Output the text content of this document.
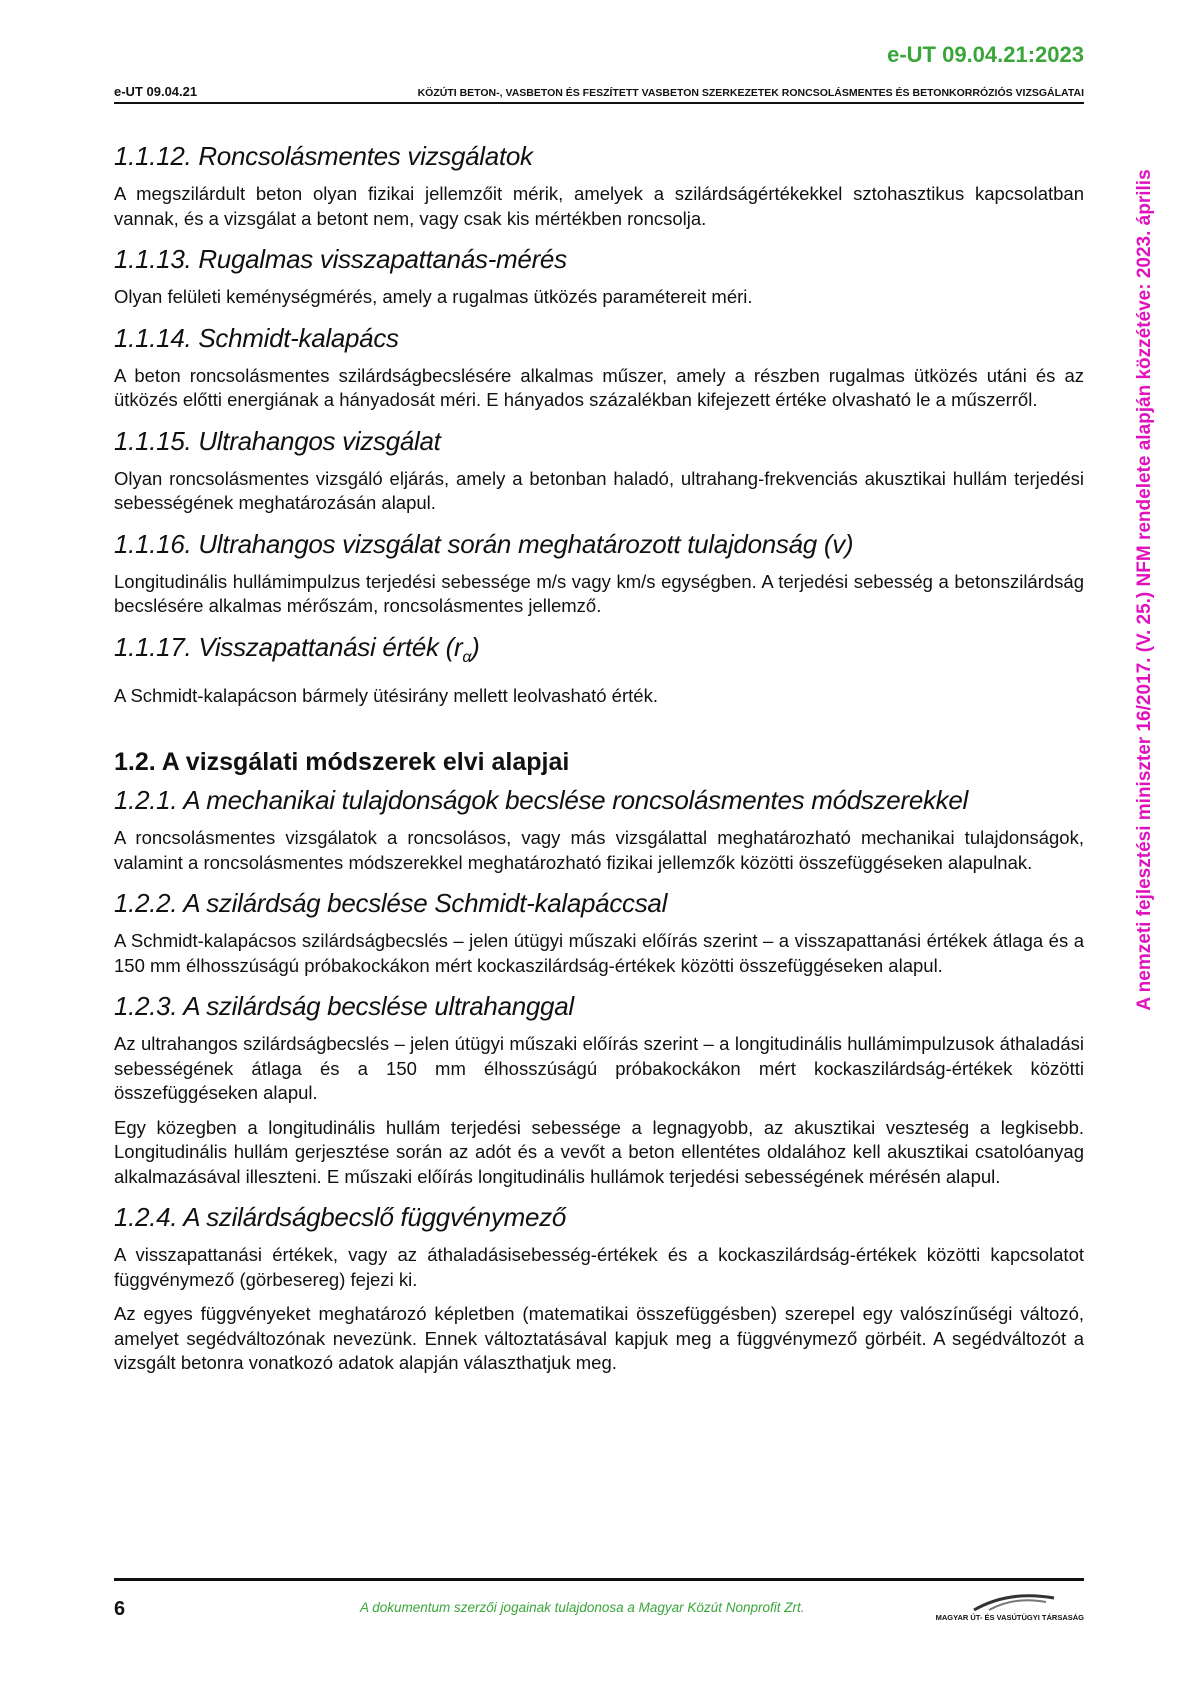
e-UT 09.04.21:2023
e-UT 09.04.21	KÖZÚTI BETON-, VASBETON ÉS FESZÍTETT VASBETON SZERKEZETEK RONCSOLÁSMENTES ÉS BETONKORRÓZIÓS VIZSGÁLATAI
A nemzeti fejlesztési miniszter 16/2017. (V. 25.) NFM rendelete alapján közzétéve: 2023. április
1.1.12. Roncsolásmentes vizsgálatok

A megszilárdult beton olyan fizikai jellemzőit mérik, amelyek a szilárdságértékekkel sztohasztikus kapcsolatban vannak, és a vizsgálat a betont nem, vagy csak kis mértékben roncsolja.

1.1.13. Rugalmas visszapattanás-mérés

Olyan felületi keménységmérés, amely a rugalmas ütközés paramétereit méri.

1.1.14. Schmidt-kalapács

A beton roncsolásmentes szilárdságbecslésére alkalmas műszer, amely a részben rugalmas ütközés utáni és az ütközés előtti energiának a hányadosát méri. E hányados százalékban kifejezett értéke olvasható le a műszerről.

1.1.15. Ultrahangos vizsgálat

Olyan roncsolásmentes vizsgáló eljárás, amely a betonban haladó, ultrahang-frekvenciás akusztikai hullám terjedési sebességének meghatározásán alapul.

1.1.16. Ultrahangos vizsgálat során meghatározott tulajdonság (v)

Longitudinális hullámimpulzus terjedési sebessége m/s vagy km/s egységben. A terjedési sebesség a betonszilárdság becslésére alkalmas mérőszám, roncsolásmentes jellemző.

1.1.17. Visszapattanási érték $(r_\alpha)$

A Schmidt-kalapácson bármely ütésirány mellett leolvasható érték.

1.2. A vizsgálati módszerek elvi alapjai
1.2.1. A mechanikai tulajdonságok becslése roncsolásmentes módszerekkel

A roncsolásmentes vizsgálatok a roncsolásos, vagy más vizsgálattal meghatározható mechanikai tulajdonságok, valamint a roncsolásmentes módszerekkel meghatározható fizikai jellemzők közötti összefüggéseken alapulnak.

1.2.2. A szilárdság becslése Schmidt-kalapáccsal

A Schmidt-kalapácsos szilárdságbecslés – jelen útügyi műszaki előírás szerint – a visszapattanási értékek átlaga és a 150 mm élhosszúságú próbakockákon mért kockaszilárdság-értékek közötti összefüggéseken alapul.

1.2.3. A szilárdság becslése ultrahanggal

Az ultrahangos szilárdságbecslés – jelen útügyi műszaki előírás szerint – a longitudinális hullámimpulzusok áthaladási sebességének átlaga és a 150 mm élhosszúságú próbakockákon mért kockaszilárdság-értékek közötti összefüggéseken alapul.

Egy közegben a longitudinális hullám terjedési sebessége a legnagyobb, az akusztikai veszteség a legkisebb. Longitudinális hullám gerjesztése során az adót és a vevőt a beton ellentétes oldalához kell akusztikai csatolóanyag alkalmazásával illeszteni. E műszaki előírás longitudinális hullámok terjedési sebességének mérésén alapul.

1.2.4. A szilárdságbecslő függvénymező

A visszapattanási értékek, vagy az áthaladásisebesség-értékek és a kockaszilárdság-értékek közötti kapcsolatot függvénymező (görbesereg) fejezi ki.

Az egyes függvényeket meghatározó képletben (matematikai összefüggésben) szerepel egy valószínűségi változó, amelyet segédváltozónak nevezünk. Ennek változtatásával kapjuk meg a függvénymező görbéit. A segédváltozót a vizsgált betonra vonatkozó adatok alapján választhatjuk meg.

6	A dokumentum szerzői jogainak tulajdonosa a Magyar Közút Nonprofit Zrt.
MAGYAR ÚT- ÉS VASÚTÜGYI TÁRSASÁG
